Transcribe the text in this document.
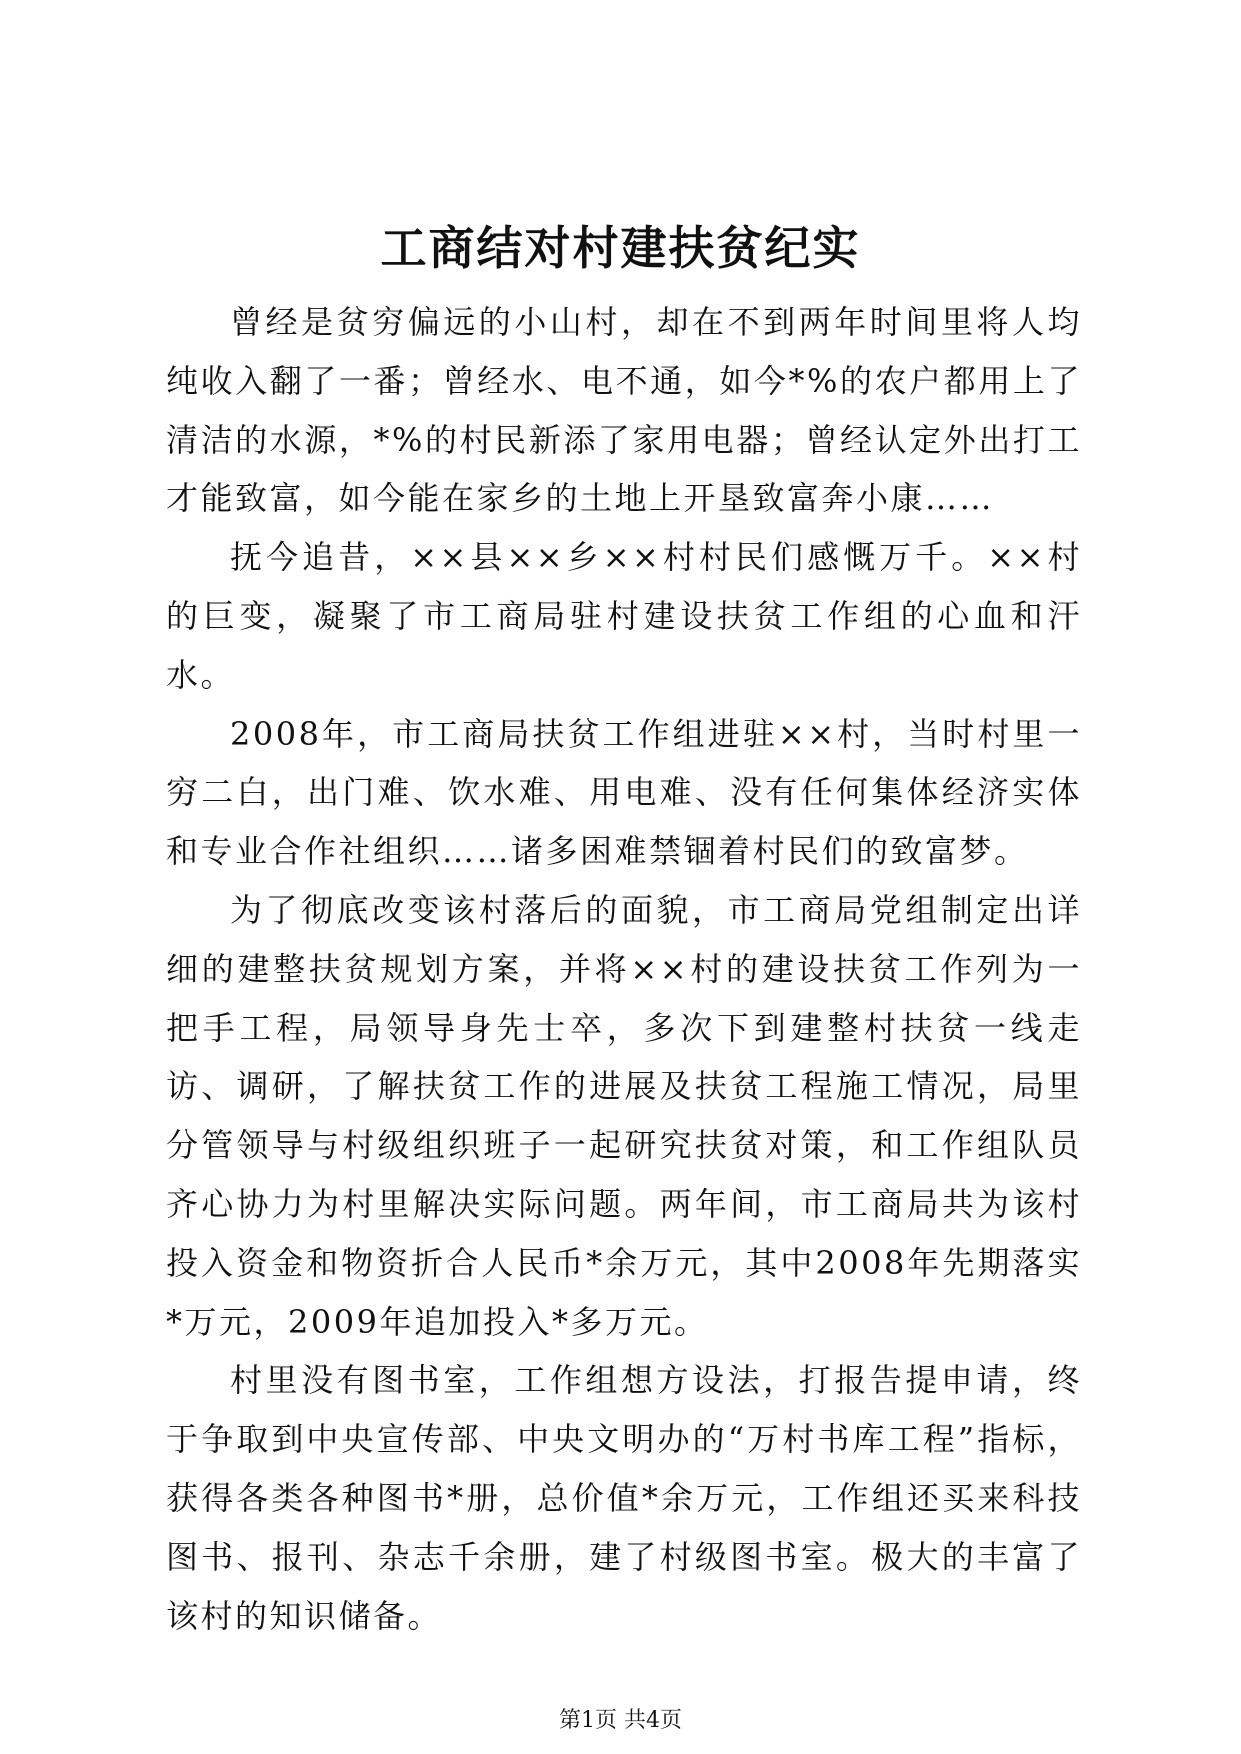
工商结对村建扶贫纪实

曾经是贫穷偏远的小山村，却在不到两年时间里将人均纯收入翻了一番；曾经水、电不通，如今*%的农户都用上了清洁的水源，*%的村民新添了家用电器；曾经认定外出打工才能致富，如今能在家乡的土地上开垦致富奔小康……

抚今追昔，××县××乡××村村民们感慨万千。××村的巨变，凝聚了市工商局驻村建设扶贫工作组的心血和汗水。

2008年，市工商局扶贫工作组进驻××村，当时村里一穷二白，出门难、饮水难、用电难、没有任何集体经济实体和专业合作社组织……诸多困难禁锢着村民们的致富梦。

为了彻底改变该村落后的面貌，市工商局党组制定出详细的建整扶贫规划方案，并将××村的建设扶贫工作列为一把手工程，局领导身先士卒，多次下到建整村扶贫一线走访、调研，了解扶贫工作的进展及扶贫工程施工情况，局里分管领导与村级组织班子一起研究扶贫对策，和工作组队员齐心协力为村里解决实际问题。两年间，市工商局共为该村投入资金和物资折合人民币*余万元，其中2008年先期落实*万元，2009年追加投入*多万元。

村里没有图书室，工作组想方设法，打报告提申请，终于争取到中央宣传部、中央文明办的“万村书库工程”指标，获得各类各种图书*册，总价值*余万元，工作组还买来科技图书、报刊、杂志千余册，建了村级图书室。极大的丰富了该村的知识储备。

第1页 共4页
